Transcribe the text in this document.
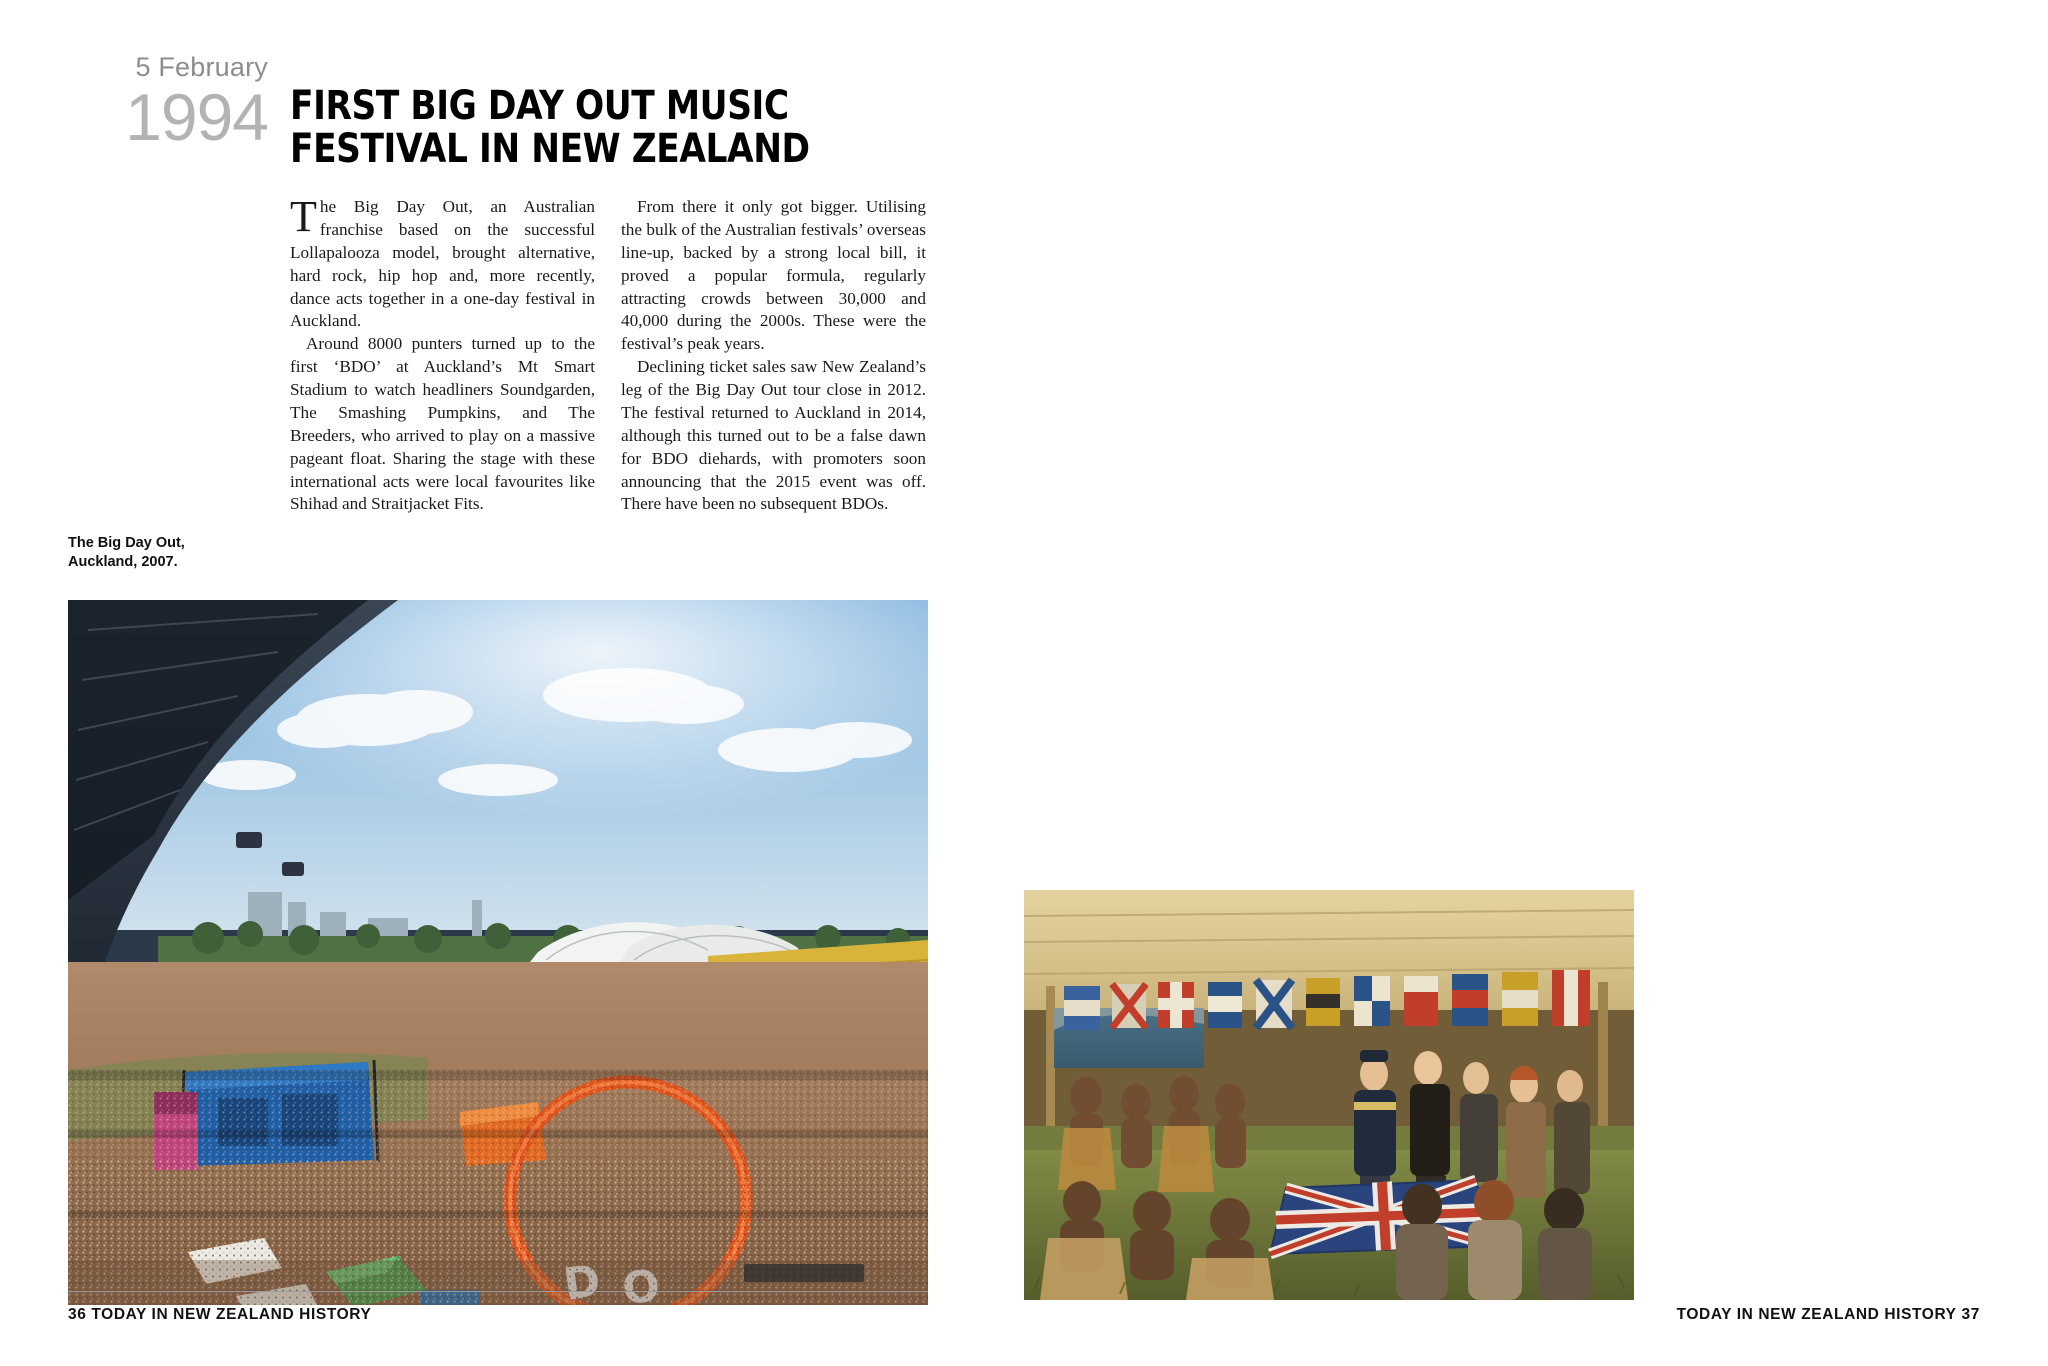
5 February
1994 FIRST BIG DAY OUT MUSIC FESTIVAL IN NEW ZEALAND

The Big Day Out, an Australian franchise based on the successful Lollapalooza model, brought alternative, hard rock, hip hop and, more recently, dance acts together in a one-day festival in Auckland.

Around 8000 punters turned up to the first ‘BDO’ at Auckland’s Mt Smart Stadium to watch headliners Soundgarden, The Smashing Pumpkins, and The Breeders, who arrived to play on a massive pageant float. Sharing the stage with these international acts were local favourites like Shihad and Straitjacket Fits.

From there it only got bigger. Utilising the bulk of the Australian festivals’ overseas line-up, backed by a strong local bill, it proved a popular formula, regularly attracting crowds between 30,000 and 40,000 during the 2000s. These were the festival’s peak years.

Declining ticket sales saw New Zealand’s leg of the Big Day Out tour close in 2012. The festival returned to Auckland in 2014, although this turned out to be a false dawn for BDO diehards, with promoters soon announcing that the 2015 event was off. There have been no subsequent BDOs.

The Big Day Out, Auckland, 2007.
36 TODAY IN NEW ZEALAND HISTORY	TODAY IN NEW ZEALAND HISTORY 37
